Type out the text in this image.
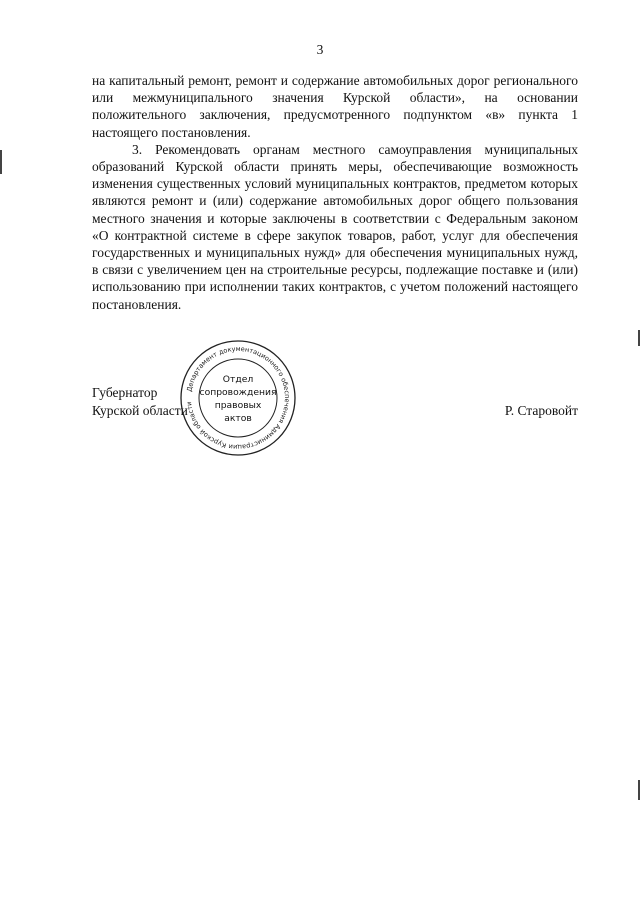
3

на капитальный ремонт, ремонт и содержание автомобильных дорог регионального или межмуниципального значения Курской области», на основании положительного заключения, предусмотренного подпунктом «в» пункта 1 настоящего постановления.

3. Рекомендовать органам местного самоуправления муниципальных образований Курской области принять меры, обеспечивающие возможность изменения существенных условий муниципальных контрактов, предметом которых являются ремонт и (или) содержание автомобильных дорог общего пользования местного значения и которые заключены в соответствии с Федеральным законом «О контрактной системе в сфере закупок товаров, работ, услуг для обеспечения государственных и муниципальных нужд» для обеспечения муниципальных нужд, в связи с увеличением цен на строительные ресурсы, подлежащие поставке и (или) использованию при исполнении таких контрактов, с учетом положений настоящего постановления.

Губернатор
Курской области	Р. Старовойт
Департамент документационного обеспечения Администрации Курской области
Отдел
сопровождения
правовых
актов
